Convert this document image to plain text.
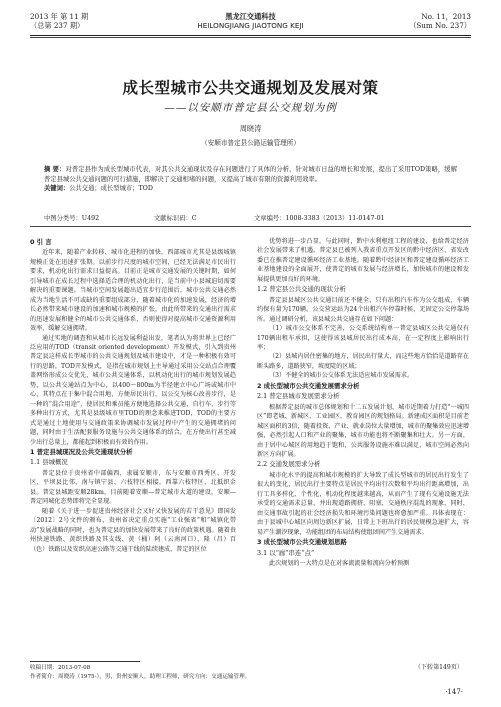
2013 年 第 11 期
（总第 237 期）
黑龙江交通科技
HEILONGJIANG JIAOTONG KEJI
No. 11，2013
（Sum No. 237）
成长型城市公共交通规划及发展对策
——以安顺市普定县公交规划为例
周晓涛
（安顺市普定县公路运输管理所）
摘 要：对普定县作为成长型城市代表，对其公共交通现状及存在问题进行了具体的分析，针对城市日益的增长和发展，提出了采用TOD策略，缓解普定县城公共交通问题的可行措施，即解决了交通相堵的问题，又提高了城市有限的资源利用效率。
关键词：公共交通；成长型城市；TOD
中图分类号：U492	文献标识码：C	文章编号：1008-3383（2013）11-0147-01
0 引 言

近年来，随着产业转移、城市化进程的加快，西部城市尤其是县级城镇规模正处在迅速扩张期。以前步行尺度的城市空间，已经无法满足市民出行要求，机动化出行需求日益提高。目前正是城市交通发展的关键时期，如何引导城市在成长过程中选择适合理的机动化出行，是当前中小县城迫切需要解决的重要课题。当城市空间发展超出适宜步行范围后，城市公共交通必然成为当地生活不可或缺的重要组成部分，随着城市化的加速发展，经济的增长必然带来城市建设的加速和城市规模的扩张，由此所带来的交通出行需求的迅速发展和健全的城市公共交通体系，否则使得对提高城市交通资源利用效率，缓解交通拥堵。

通过实地的调查和从城市长远发展利益出发，笔者认为将世界上已经广泛应用的TOD（transit oriented development）开发模式，引入到贵州普定县这样成长型城市的公共交通规划及城市建设中，才是一种积极有效可行的思路。TOD开发模式，是指在城市规划上主导通过采用公交站点合理覆盖网络形成公交优先，城市公共交通体系，以机动化出行的城市规划发展趋势，以公共交通站点为中心，以400～800m为半径建立中心广场或城市中心，其特点在于集中混合用地，方便居民出行，以公交为核心改善步行，是一种的“混合用途”，使居民和乘员能方便地选择公共交通、自行车、步行等多种出行方式，尤其是县级城市里TOD的理念来推进TOD，TOD的主要方式是通过土地使用与交通政策来协调城市发展过程中产生的交通拥堵的问题，同时由于生活配套服务设施与公共交通体系的结合，在方便出行甚至减少出行总量上，都能起到积极而有效的作用。

1 普定县城现况及公共交通现状分析
1.1 县城概况

普定县位于贵州省中部偏西，隶属安顺市，东与安顺市西秀区、开发区、平坝县比邻，南与镇宁县、六枝特区相接，西靠六枝特区，北抵织金县。普定县城距安顺28km，目前随着安顺—普定城市大道的建设，安顺—普定同城化态势即将完全显现。

随着《关于进一步促进贵州经济社会又好又快发展的若干意见》即国发〔2012〕2号文件的颁布，贵州省决定重点实施“工业强省”和“城镇化带动”发展战略的同时，也为普定县的加快发展带来了良好的政策机遇。随着贵州快速铁路、黄织铁路及其支线、黄（桶）阿（云南河口）、隆（昌）百（色）铁路以及安织高速公路等交通干线的陆续建成，普定的区位

优势将进一步凸显，与此同时，黔中水利枢纽工程的建设，也给普定经济社会发展带来了机遇。普定县已被列入我省重点开发区的黔中经济区，省发改委已在推普定建设循环经济工业基地。随着黔中经济区和普定建设循环经济工业基地建设的全面展开，使普定的城市发展与经济增长，加快城市的建设和发展提供更加良好的环境。

1.2 普定县公共交通的现状分析

普定县县城区公共交通目前还不健全，只有出租汽车作为公交组成，车辆约保有量为170辆。公交营运站为24个出租汽车停靠时候，无固定公交停靠场所。通过调研分析，该县城公共交通存在如下问题：

（1）城市公交体系不完善，公交系统结构单一普定县城区公共交通仅有170辆出租车承担，这使得该县城居民出行成本高，在一定程度上影响出行率；

（2）县城内居住密集的地方，居民出行量大，而这些地方恰恰是道路存在断头路多，道路狭窄，坡度陡的区域；

（3）不健全的城市公交体系无法适应城市发展需求。

2 成长型城市公共交通发展需求分析
2.1 普定县城市发展需求分析

根据普定县的城市总体规划和十二五发展计划，城市近期着力打造“一城四区”即老城、新城区、工业园区，教育园区的规划格局。新建成区面积是目前老城区面积的3倍，随着投资、产业、就业岗位大量增加，城市的聚集效应迅速增强，必然引起人口和产业的聚集，城市功能也将不断聚集和壮大。另一方面，由于居中心城区的用地趋于饱和，公共服务设施亦难以满足，城市空间必然向新区方向扩展。

2.2 交通发展需求分析

城市化水平的提高和城市规模的扩大导致了成长型城市的居民出行发生了很大的变化，居民出行主要特点是居民平均出行次数和平均出行距离增加，出行工具多样化、个性化，机动化程度越来越高，从而产生了现有交通设施无法承受的交通需求总量，并出现道路拥挤、阻塞，交通秩序混乱的现象，同时，由交通事故引起的社会经济损失和环境污染问题也将愈加严重。具体表现在：由于县城中心城区向周边新区扩展，日常上下班出行的居民规模急速扩大，容易产生潮汐现象，功能组团的布局结构使组团间产生交通需求。

3 成长型城市公共交通规划思路
3.1 以“廊”串连“点”

此次规划的一大特点是在对客流流量和流向分析预测

（下转第149页）
收稿日期：2013-07-08
作者简介：周晓涛（1975-），男，贵州安顺人，助理工程师，研究方向：交通运输管理。
·147·
